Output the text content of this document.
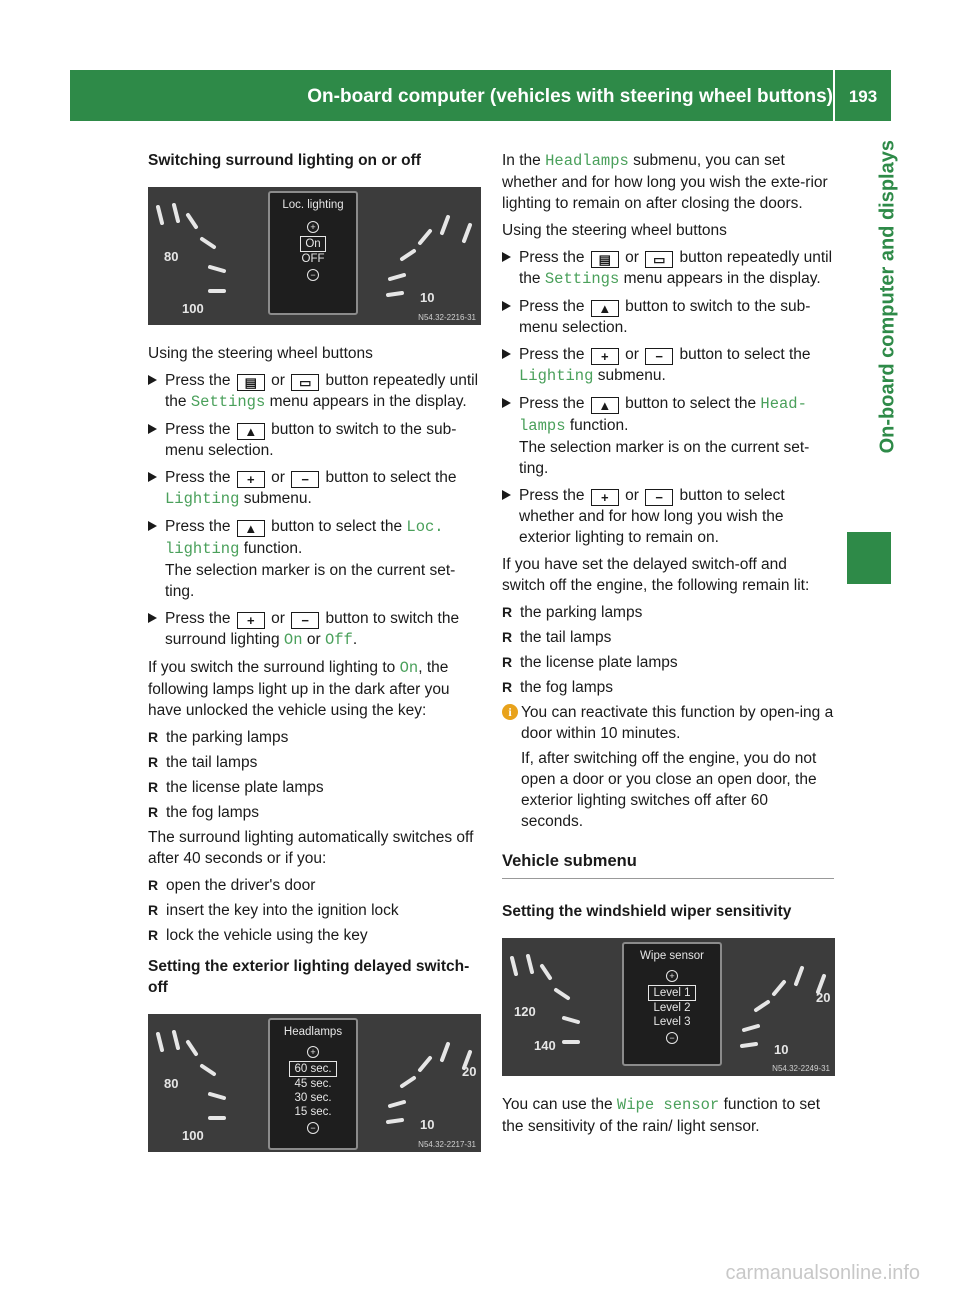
On-board computer (vehicles with steering wheel buttons) 193
On-board computer and displays
Switching surround lighting on or off
80
100
10
Loc. lighting
+
On
OFF
−
N54.32-2216-31

Using the steering wheel buttons

Press the ▤ or ▭ button repeatedly until the Settings menu appears in the display.
Press the ▲ button to switch to the sub-menu selection.
Press the + or − button to select the Lighting submenu.
Press the ▲ button to select the Loc. lighting function.
The selection marker is on the current set-ting.
Press the + or − button to switch the surround lighting On or Off.

If you switch the surround lighting to On, the following lamps light up in the dark after you have unlocked the vehicle using the key:

R the parking lamps
R the tail lamps
R the license plate lamps
R the fog lamps

The surround lighting automatically switches off after 40 seconds or if you:

R open the driver's door
R insert the key into the ignition lock
R lock the vehicle using the key
Setting the exterior lighting delayed switch-off
80
100
10
20
Headlamps
+
60 sec.
45 sec.
30 sec.
15 sec.
−
N54.32-2217-31

In the Headlamps submenu, you can set whether and for how long you wish the exte-rior lighting to remain on after closing the doors.

Using the steering wheel buttons

Press the ▤ or ▭ button repeatedly until the Settings menu appears in the display.
Press the ▲ button to switch to the sub-menu selection.
Press the + or − button to select the Lighting submenu.
Press the ▲ button to select the Head-lamps function.
The selection marker is on the current set-ting.
Press the + or − button to select whether and for how long you wish the exterior lighting to remain on.

If you have set the delayed switch-off and switch off the engine, the following remain lit:

R the parking lamps
R the tail lamps
R the license plate lamps
R the fog lamps
i You can reactivate this function by open-ing a door within 10 minutes.
If, after switching off the engine, you do not open a door or you close an open door, the exterior lighting switches off after 60 seconds.
Vehicle submenu
Setting the windshield wiper sensitivity
120
140	10
20
Wipe sensor
+
Level 1
Level 2
Level 3
−
N54.32-2249-31

You can use the Wipe sensor function to set the sensitivity of the rain/ light sensor.

carmanualsonline.info
